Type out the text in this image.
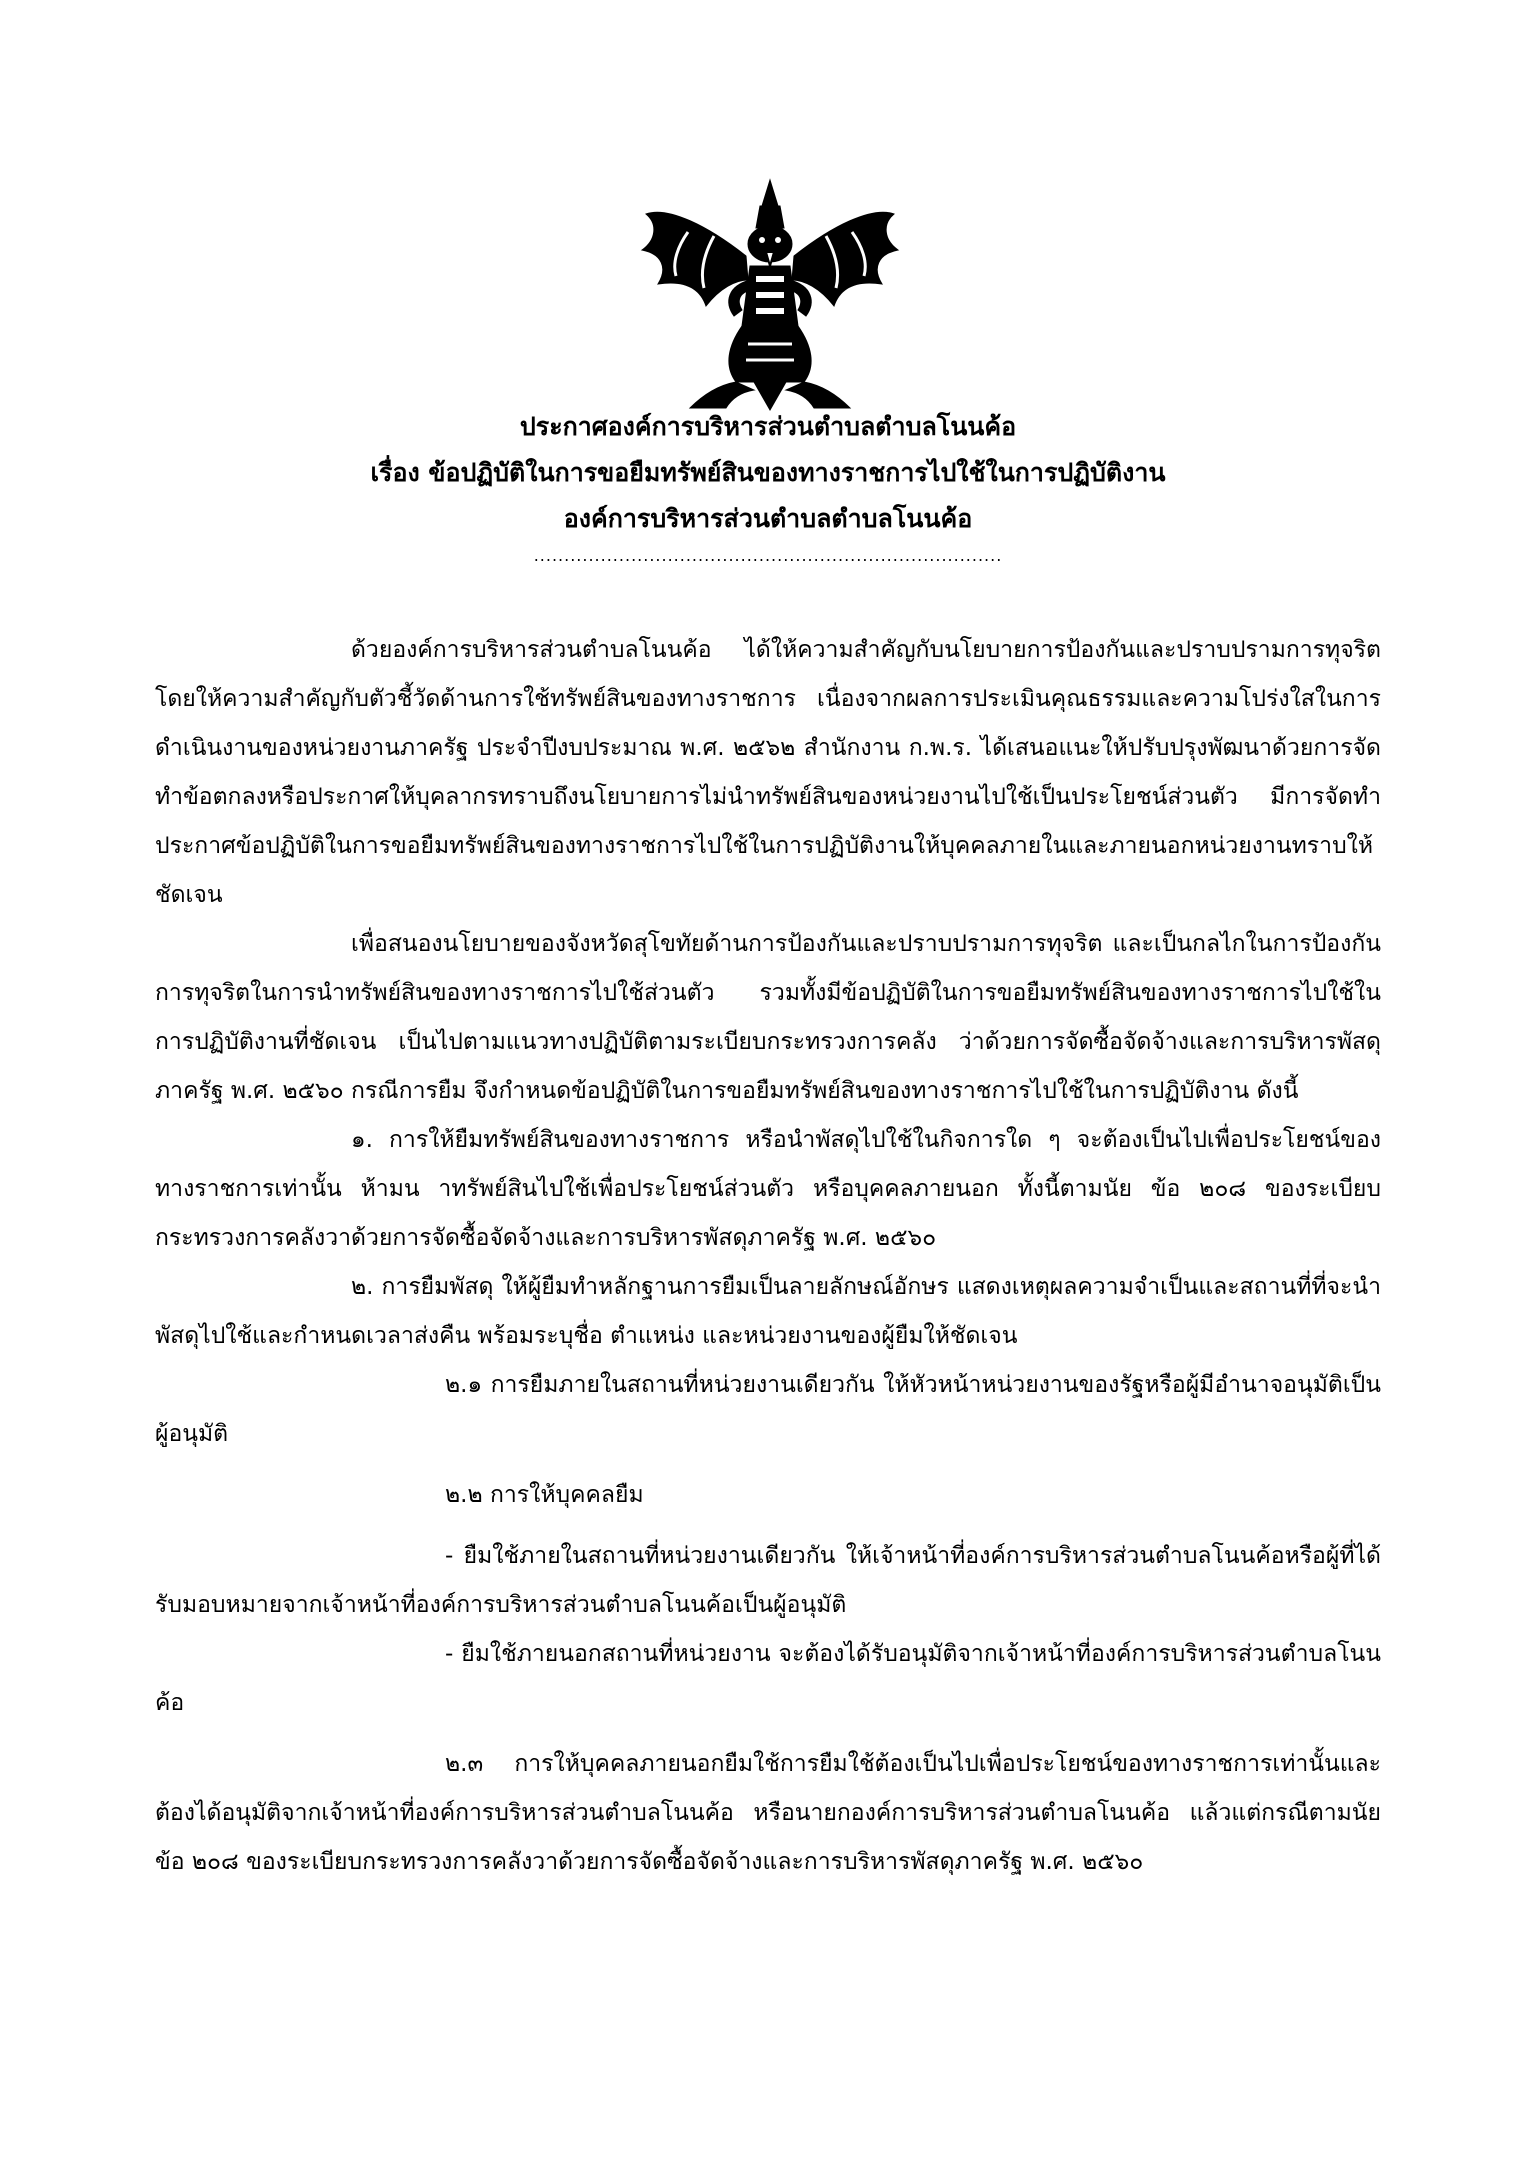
ประกาศองค์การบริหารส่วนตำบลตำบลโนนค้อ
เรื่อง ข้อปฏิบัติในการขอยืมทรัพย์สินของทางราชการไปใช้ในการปฏิบัติงาน
องค์การบริหารส่วนตำบลตำบลโนนค้อ
.............................................................................

ด้วยองค์การบริหารส่วนตำบลโนนค้อ ได้ให้ความสำคัญกับนโยบายการป้องกันและปราบปรามการทุจริตโดยให้ความสำคัญกับตัวชี้วัดด้านการใช้ทรัพย์สินของทางราชการ เนื่องจากผลการประเมินคุณธรรมและความโปร่งใสในการดำเนินงานของหน่วยงานภาครัฐ ประจำปีงบประมาณ พ.ศ. ๒๕๖๒ สำนักงาน ก.พ.ร. ได้เสนอแนะให้ปรับปรุงพัฒนาด้วยการจัดทำข้อตกลงหรือประกาศให้บุคลากรทราบถึงนโยบายการไม่นำทรัพย์สินของหน่วยงานไปใช้เป็นประโยชน์ส่วนตัว มีการจัดทำประกาศข้อปฏิบัติในการขอยืมทรัพย์สินของทางราชการไปใช้ในการปฏิบัติงานให้บุคคลภายในและภายนอกหน่วยงานทราบให้ชัดเจน

เพื่อสนองนโยบายของจังหวัดสุโขทัยด้านการป้องกันและปราบปรามการทุจริต และเป็นกลไกในการป้องกันการทุจริตในการนำทรัพย์สินของทางราชการไปใช้ส่วนตัว รวมทั้งมีข้อปฏิบัติในการขอยืมทรัพย์สินของทางราชการไปใช้ในการปฏิบัติงานที่ชัดเจน เป็นไปตามแนวทางปฏิบัติตามระเบียบกระทรวงการคลัง ว่าด้วยการจัดซื้อจัดจ้างและการบริหารพัสดุภาครัฐ พ.ศ. ๒๕๖๐ กรณีการยืม จึงกำหนดข้อปฏิบัติในการขอยืมทรัพย์สินของทางราชการไปใช้ในการปฏิบัติงาน ดังนี้

๑. การให้ยืมทรัพย์สินของทางราชการ หรือนำพัสดุไปใช้ในกิจการใด ๆ จะต้องเป็นไปเพื่อประโยชน์ของทางราชการเท่านั้น ห้ามน าทรัพย์สินไปใช้เพื่อประโยชน์ส่วนตัว หรือบุคคลภายนอก ทั้งนี้ตามนัย ข้อ ๒๐๘ ของระเบียบกระทรวงการคลังวาด้วยการจัดซื้อจัดจ้างและการบริหารพัสดุภาครัฐ พ.ศ. ๒๕๖๐

๒. การยืมพัสดุ ให้ผู้ยืมทำหลักฐานการยืมเป็นลายลักษณ์อักษร แสดงเหตุผลความจำเป็นและสถานที่ที่จะนำพัสดุไปใช้และกำหนดเวลาส่งคืน พร้อมระบุชื่อ ตำแหน่ง และหน่วยงานของผู้ยืมให้ชัดเจน

๒.๑ การยืมภายในสถานที่หน่วยงานเดียวกัน ให้หัวหน้าหน่วยงานของรัฐหรือผู้มีอำนาจอนุมัติเป็นผู้อนุมัติ

๒.๒ การให้บุคคลยืม

- ยืมใช้ภายในสถานที่หน่วยงานเดียวกัน ให้เจ้าหน้าที่องค์การบริหารส่วนตำบลโนนค้อหรือผู้ที่ได้รับมอบหมายจากเจ้าหน้าที่องค์การบริหารส่วนตำบลโนนค้อเป็นผู้อนุมัติ

- ยืมใช้ภายนอกสถานที่หน่วยงาน จะต้องได้รับอนุมัติจากเจ้าหน้าที่องค์การบริหารส่วนตำบลโนนค้อ

๒.๓ การให้บุคคลภายนอกยืมใช้การยืมใช้ต้องเป็นไปเพื่อประโยชน์ของทางราชการเท่านั้นและต้องได้อนุมัติจากเจ้าหน้าที่องค์การบริหารส่วนตำบลโนนค้อ หรือนายกองค์การบริหารส่วนตำบลโนนค้อ แล้วแต่กรณีตามนัยข้อ ๒๐๘ ของระเบียบกระทรวงการคลังวาด้วยการจัดซื้อจัดจ้างและการบริหารพัสดุภาครัฐ พ.ศ. ๒๕๖๐
